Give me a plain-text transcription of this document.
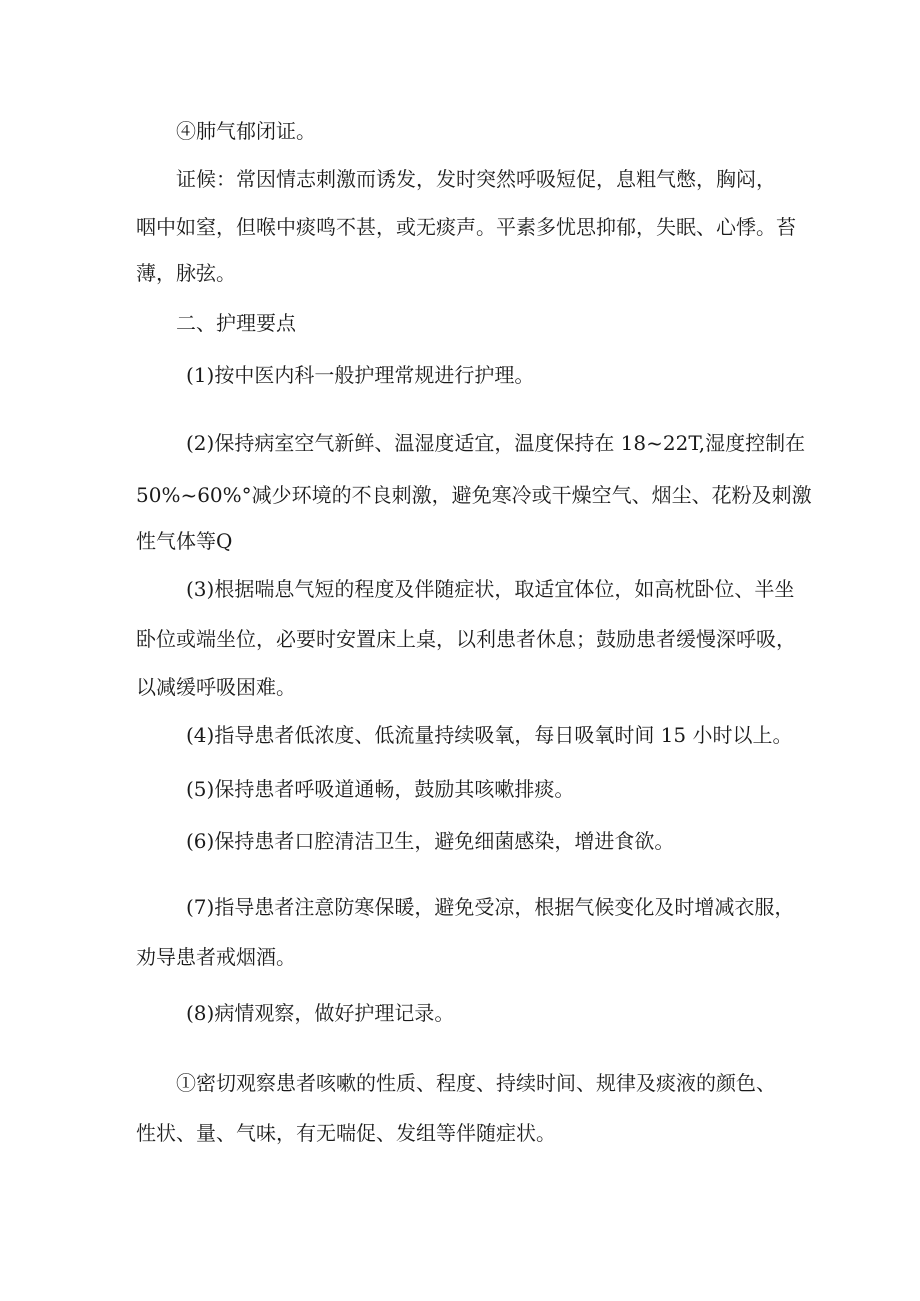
④肺气郁闭证。
证候：常因情志刺激而诱发，发时突然呼吸短促，息粗气憋，胸闷，
咽中如窒，但喉中痰鸣不甚，或无痰声。平素多忧思抑郁，失眠、心悸。苔
薄，脉弦。
二、护理要点
(1)按中医内科一般护理常规进行护理。
(2)保持病室空气新鲜、温湿度适宜，温度保持在 18~22T,湿度控制在
50%~60%°减少环境的不良刺激，避免寒冷或干燥空气、烟尘、花粉及刺激
性气体等Q
(3)根据喘息气短的程度及伴随症状，取适宜体位，如高枕卧位、半坐
卧位或端坐位，必要时安置床上桌，以利患者休息；鼓励患者缓慢深呼吸，
以减缓呼吸困难。
(4)指导患者低浓度、低流量持续吸氧，每日吸氧时间 15 小时以上。
(5)保持患者呼吸道通畅，鼓励其咳嗽排痰。
(6)保持患者口腔清洁卫生，避免细菌感染，增进食欲。
(7)指导患者注意防寒保暖，避免受凉，根据气候变化及时增减衣服，
劝导患者戒烟酒。
(8)病情观察，做好护理记录。
①密切观察患者咳嗽的性质、程度、持续时间、规律及痰液的颜色、
性状、量、气味，有无喘促、发组等伴随症状。
